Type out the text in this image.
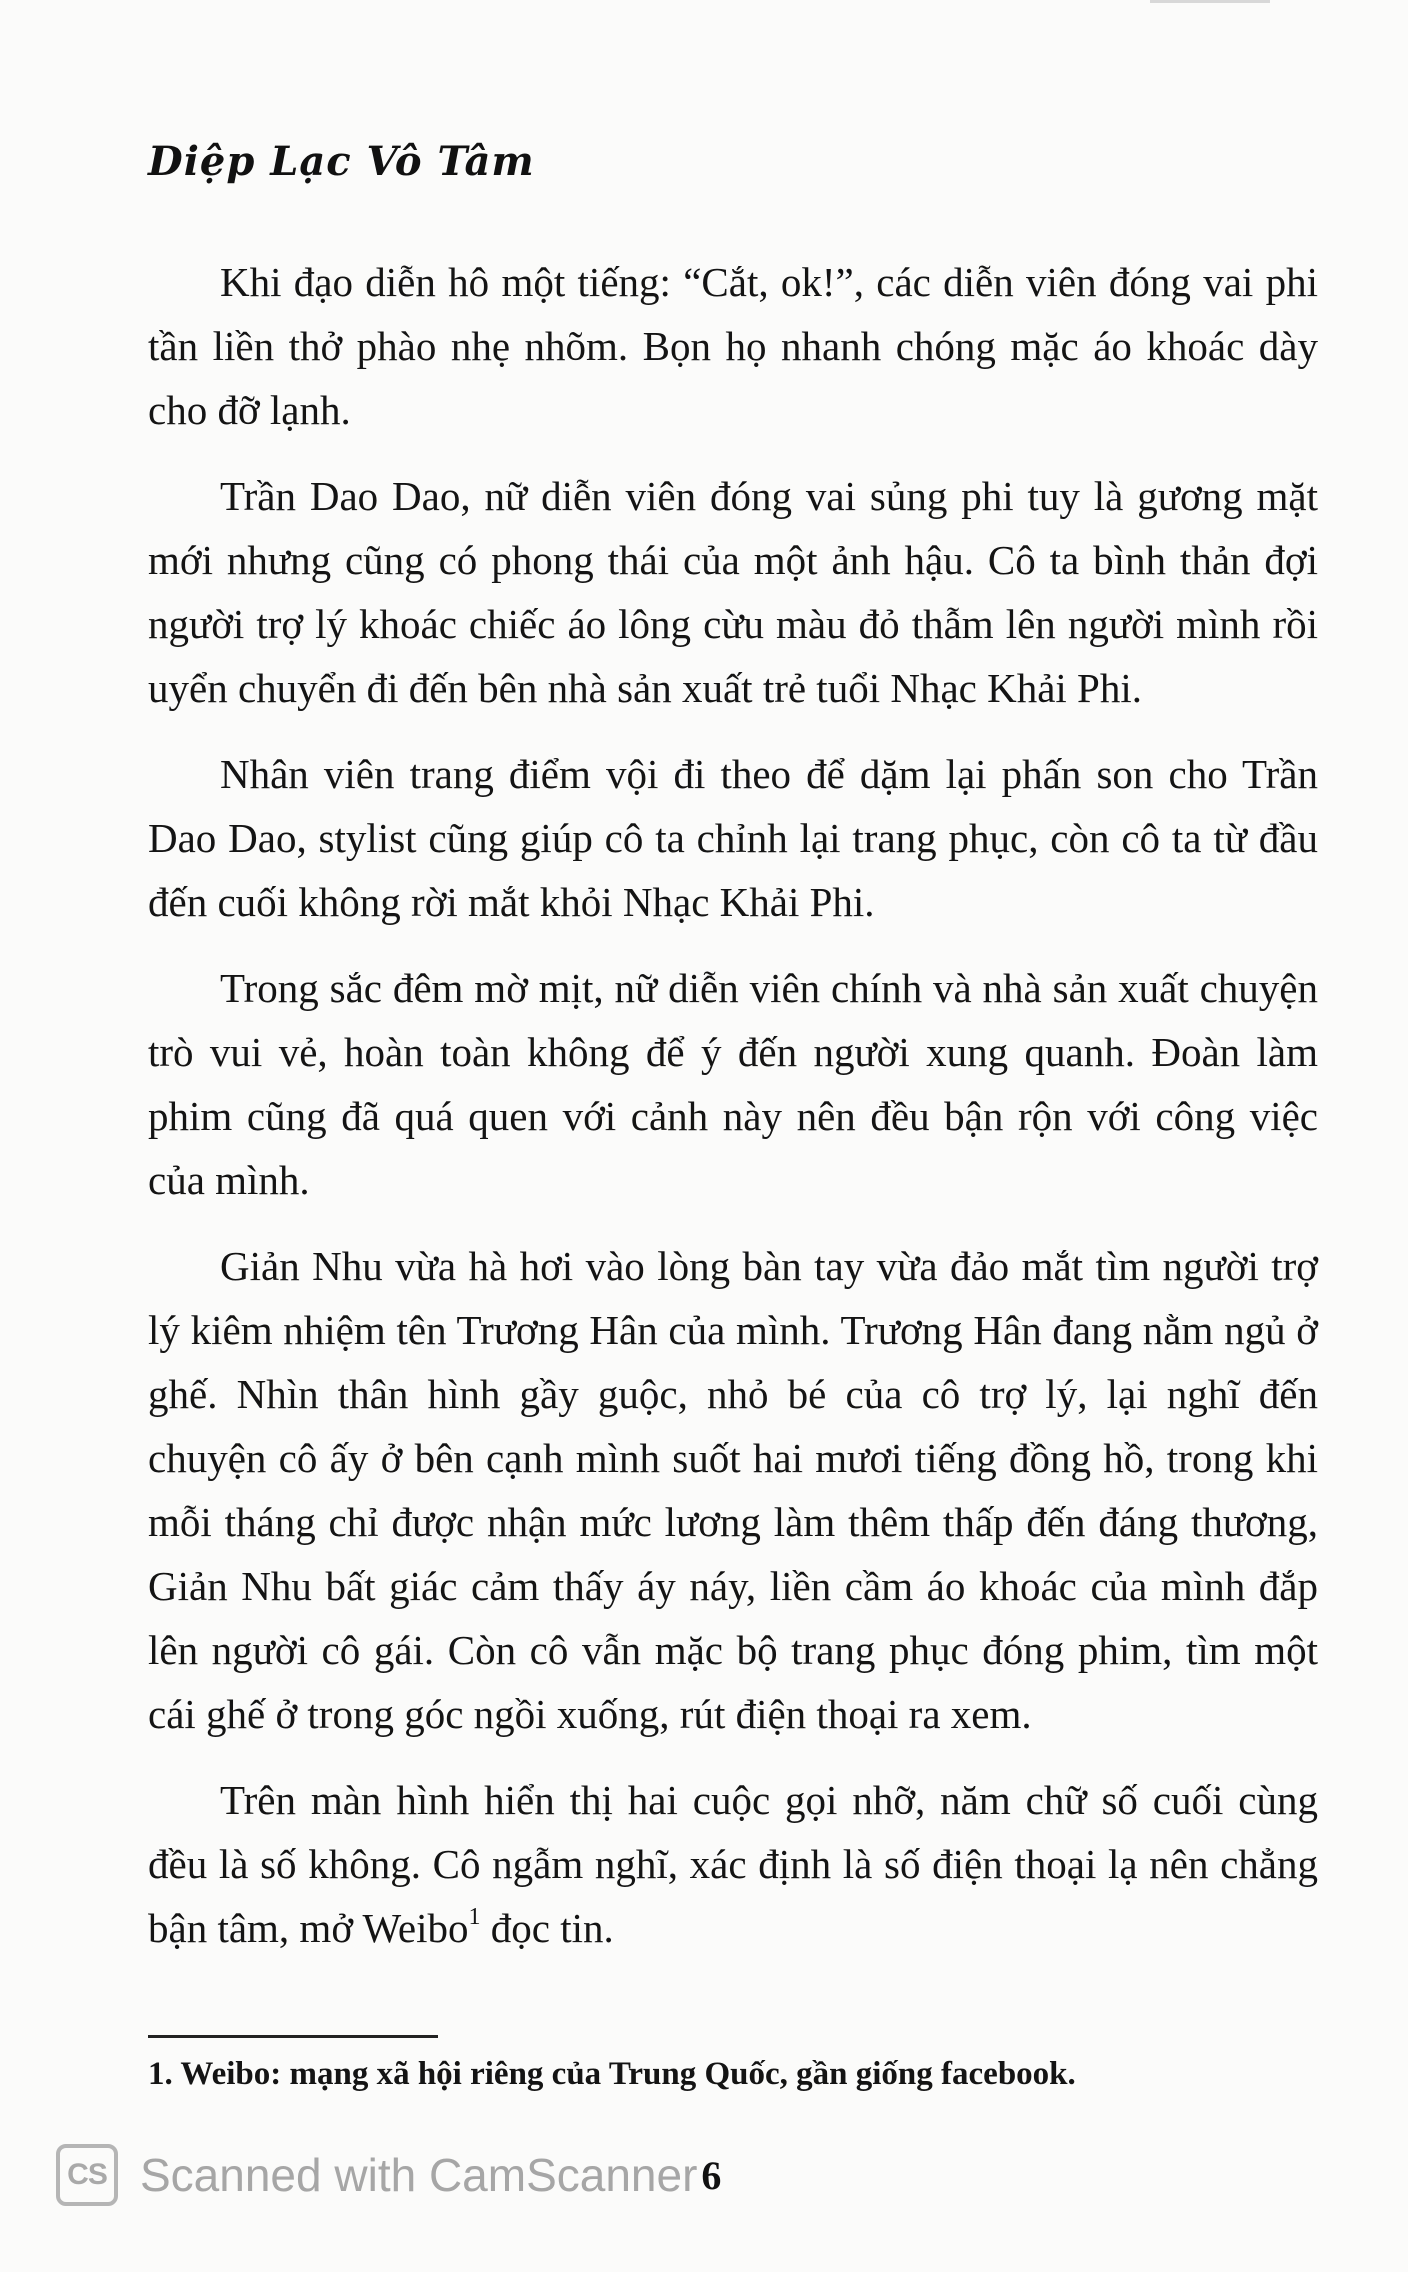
Diệp Lạc Vô Tâm

Khi đạo diễn hô một tiếng: “Cắt, ok!”, các diễn viên đóng vai phi tần liền thở phào nhẹ nhõm. Bọn họ nhanh chóng mặc áo khoác dày cho đỡ lạnh.

Trần Dao Dao, nữ diễn viên đóng vai sủng phi tuy là gương mặt mới nhưng cũng có phong thái của một ảnh hậu. Cô ta bình thản đợi người trợ lý khoác chiếc áo lông cừu màu đỏ thẫm lên người mình rồi uyển chuyển đi đến bên nhà sản xuất trẻ tuổi Nhạc Khải Phi.

Nhân viên trang điểm vội đi theo để dặm lại phấn son cho Trần Dao Dao, stylist cũng giúp cô ta chỉnh lại trang phục, còn cô ta từ đầu đến cuối không rời mắt khỏi Nhạc Khải Phi.

Trong sắc đêm mờ mịt, nữ diễn viên chính và nhà sản xuất chuyện trò vui vẻ, hoàn toàn không để ý đến người xung quanh. Đoàn làm phim cũng đã quá quen với cảnh này nên đều bận rộn với công việc của mình.

Giản Nhu vừa hà hơi vào lòng bàn tay vừa đảo mắt tìm người trợ lý kiêm nhiệm tên Trương Hân của mình. Trương Hân đang nằm ngủ ở ghế. Nhìn thân hình gầy guộc, nhỏ bé của cô trợ lý, lại nghĩ đến chuyện cô ấy ở bên cạnh mình suốt hai mươi tiếng đồng hồ, trong khi mỗi tháng chỉ được nhận mức lương làm thêm thấp đến đáng thương, Giản Nhu bất giác cảm thấy áy náy, liền cầm áo khoác của mình đắp lên người cô gái. Còn cô vẫn mặc bộ trang phục đóng phim, tìm một cái ghế ở trong góc ngồi xuống, rút điện thoại ra xem.

Trên màn hình hiển thị hai cuộc gọi nhỡ, năm chữ số cuối cùng đều là số không. Cô ngẫm nghĩ, xác định là số điện thoại lạ nên chẳng bận tâm, mở Weibo$^1$ đọc tin.

1. Weibo: mạng xã hội riêng của Trung Quốc, gần giống facebook.
CS Scanned with CamScanner 6
